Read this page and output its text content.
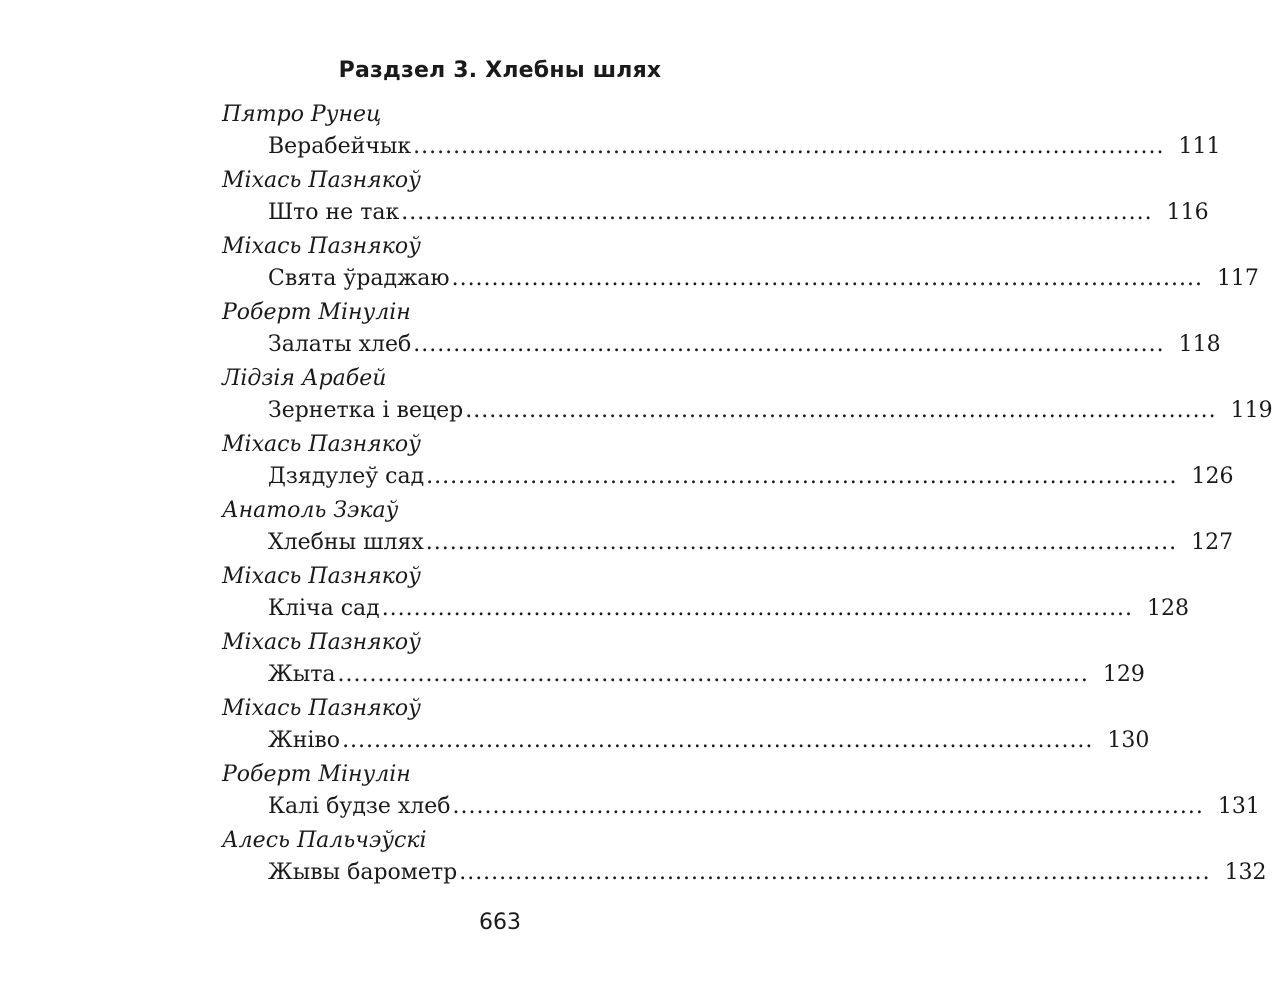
Раздзел 3. Хлебны шлях
Пятро Рунец
Верабейчык .............................................................................................. 111
Міхась Пазнякоў
Што не так .............................................................................................. 116
Міхась Пазнякоў
Свята ўраджаю .............................................................................................. 117
Роберт Мінулін
Залаты хлеб .............................................................................................. 118
Лідзія Арабей
Зернетка і вецер .............................................................................................. 119
Міхась Пазнякоў
Дзядулеў сад .............................................................................................. 126
Анатоль Зэкаў
Хлебны шлях .............................................................................................. 127
Міхась Пазнякоў
Кліча сад .............................................................................................. 128
Міхась Пазнякоў
Жыта .............................................................................................. 129
Міхась Пазнякоў
Жніво .............................................................................................. 130
Роберт Мінулін
Калі будзе хлеб .............................................................................................. 131
Алесь Пальчэўскі
Жывы барометр .............................................................................................. 132
663
